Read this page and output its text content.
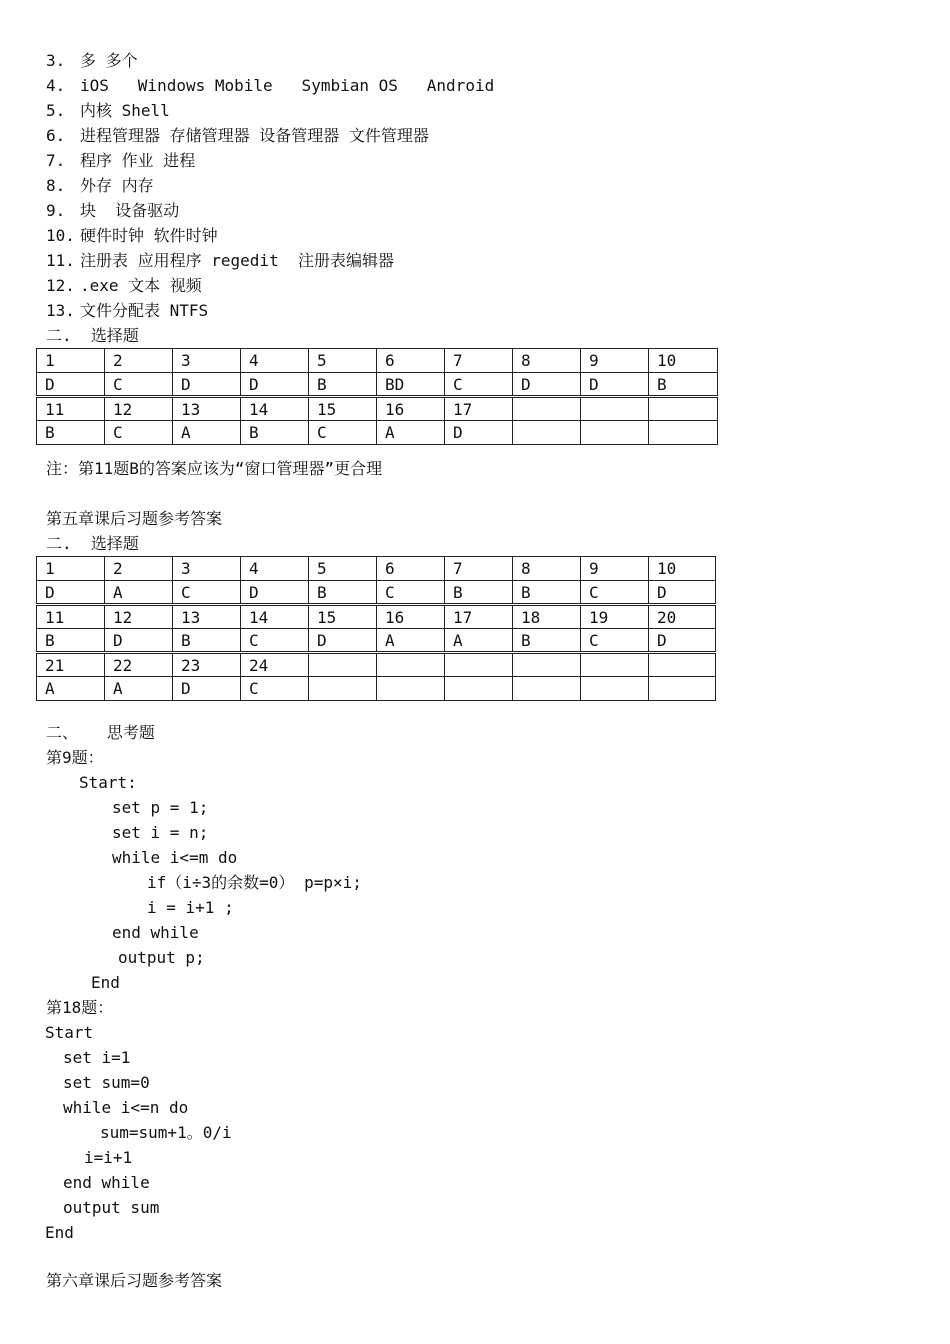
3. 多 多个
4. iOS   Windows Mobile   Symbian OS   Android
5. 内核 Shell
6. 进程管理器 存储管理器 设备管理器 文件管理器
7. 程序 作业 进程
8. 外存 内存
9. 块  设备驱动
10. 硬件时钟 软件时钟
11. 注册表 应用程序 regedit  注册表编辑器
12. .exe 文本 视频
13. 文件分配表 NTFS
二.  选择题
1	2	3	4	5	6	7	8	9	10
D	C	D	D	B	BD	C	D	D	B
11	12	13	14	15	16	17			
B	C	A	B	C	A	D			
注：第11题B的答案应该为“窗口管理器”更合理
第五章课后习题参考答案
二.  选择题
1	2	3	4	5	6	7	8	9	10
D	A	C	D	B	C	B	B	C	D
11	12	13	14	15	16	17	18	19	20
B	D	B	C	D	A	A	B	C	D
21	22	23	24						
A	A	D	C						
二、   思考题
第9题：
Start:
set p = 1;
set i = n;
while i<=m do
if（i÷3的余数=0） p=p×i;
i = i+1 ;
end while
output p;
End
第18题：
Start
set i=1
set sum=0
while i<=n do
sum=sum+1。0/i
i=i+1
end while
output sum
End
第六章课后习题参考答案
